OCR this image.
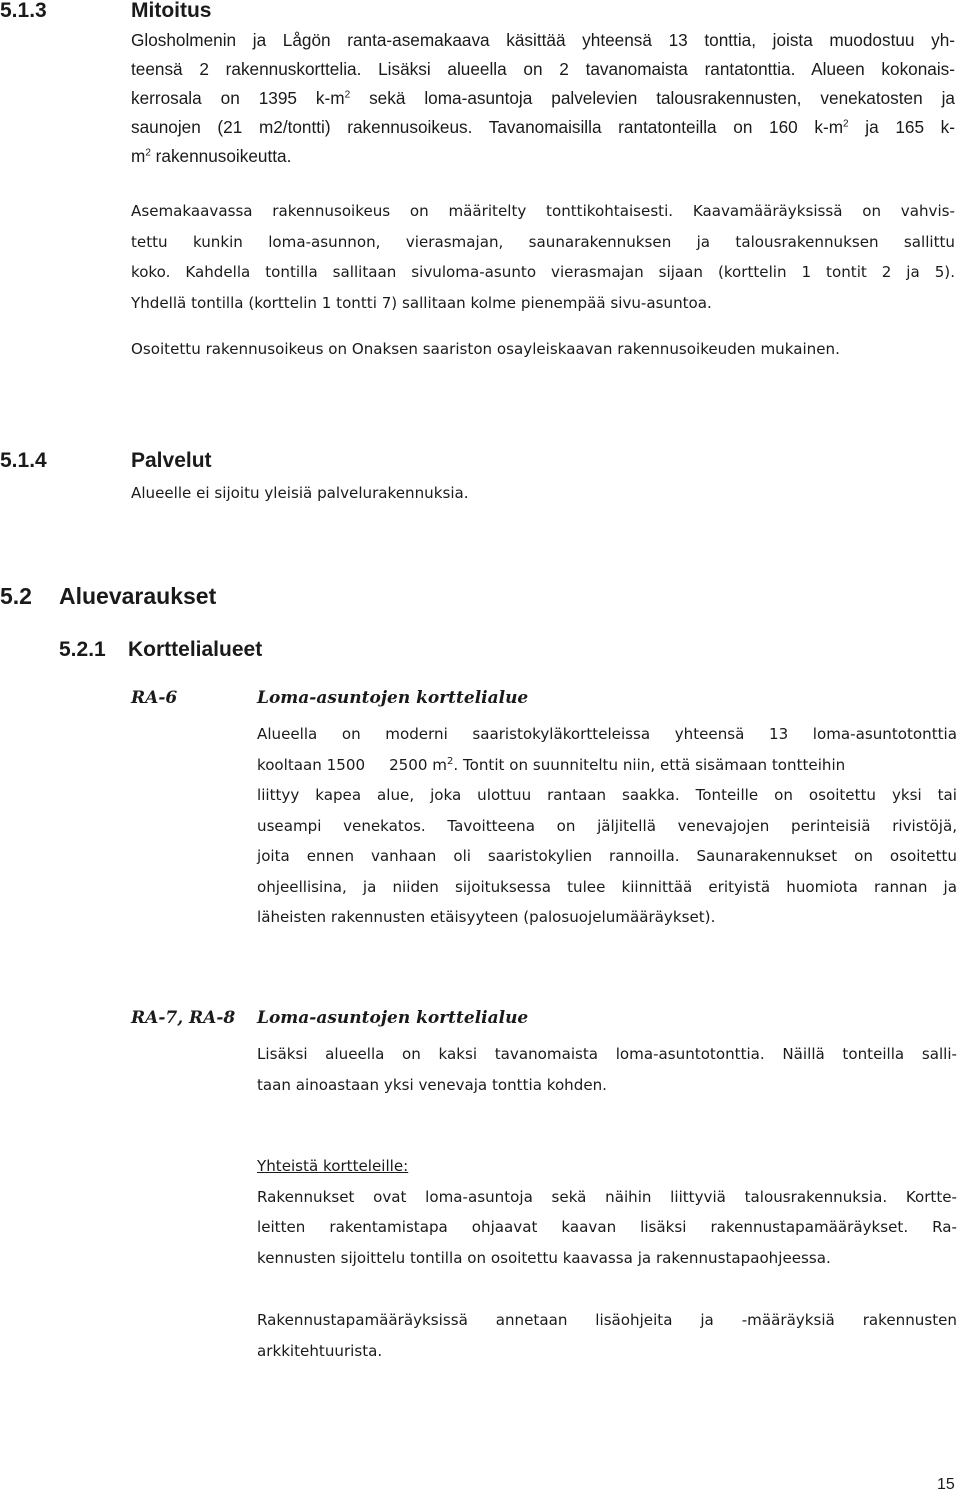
5.1.3	Mitoitus
Glosholmenin ja Lågön ranta-asemakaava käsittää yhteensä 13 tonttia, joista muodostuu yh-
teensä 2 rakennuskorttelia. Lisäksi alueella on 2 tavanomaista rantatonttia. Alueen kokonais-
kerrosala on 1395 $k-m^2$ sekä loma-asuntoja palvelevien talousrakennusten, venekatosten ja
saunojen (21 m2/tontti) rakennusoikeus. Tavanomaisilla rantatonteilla on 160 $k-m^2$ ja 165 k-
$m^2$ rakennusoikeutta.
Asemakaavassa rakennusoikeus on määritelty tonttikohtaisesti. Kaavamääräyksissä on vahvis-
tettu kunkin loma-asunnon, vierasmajan, saunarakennuksen ja talousrakennuksen sallittu
koko. Kahdella tontilla sallitaan sivuloma-asunto vierasmajan sijaan (korttelin 1 tontit 2 ja 5).
Yhdellä tontilla (korttelin 1 tontti 7) sallitaan kolme pienempää sivu-asuntoa.
Osoitettu rakennusoikeus on Onaksen saariston osayleiskaavan rakennusoikeuden mukainen.
5.1.4	Palvelut
Alueelle ei sijoitu yleisiä palvelurakennuksia.
5.2 Aluevaraukset
5.2.1 Korttelialueet
RA-6	Loma-asuntojen korttelialue
Alueella on moderni saaristokyläkortteleissa yhteensä 13 loma-asuntotonttia
kooltaan 1500 2500 $m^2$. Tontit on suunniteltu niin, että sisämaan tontteihin
liittyy kapea alue, joka ulottuu rantaan saakka. Tonteille on osoitettu yksi tai
useampi venekatos. Tavoitteena on jäljitellä venevajojen perinteisiä rivistöjä,
joita ennen vanhaan oli saaristokylien rannoilla. Saunarakennukset on osoitettu
ohjeellisina, ja niiden sijoituksessa tulee kiinnittää erityistä huomiota rannan ja
läheisten rakennusten etäisyyteen (palosuojelumääräykset).
RA-7, RA-8 Loma-asuntojen korttelialue
Lisäksi alueella on kaksi tavanomaista loma-asuntotonttia. Näillä tonteilla salli-
taan ainoastaan yksi venevaja tonttia kohden.
Yhteistä kortteleille:
Rakennukset ovat loma-asuntoja sekä näihin liittyviä talousrakennuksia. Kortte-
leitten rakentamistapa ohjaavat kaavan lisäksi rakennustapamääräykset. Ra-
kennusten sijoittelu tontilla on osoitettu kaavassa ja rakennustapaohjeessa.
Rakennustapamääräyksissä annetaan lisäohjeita ja -määräyksiä rakennusten
arkkitehtuurista.
15
